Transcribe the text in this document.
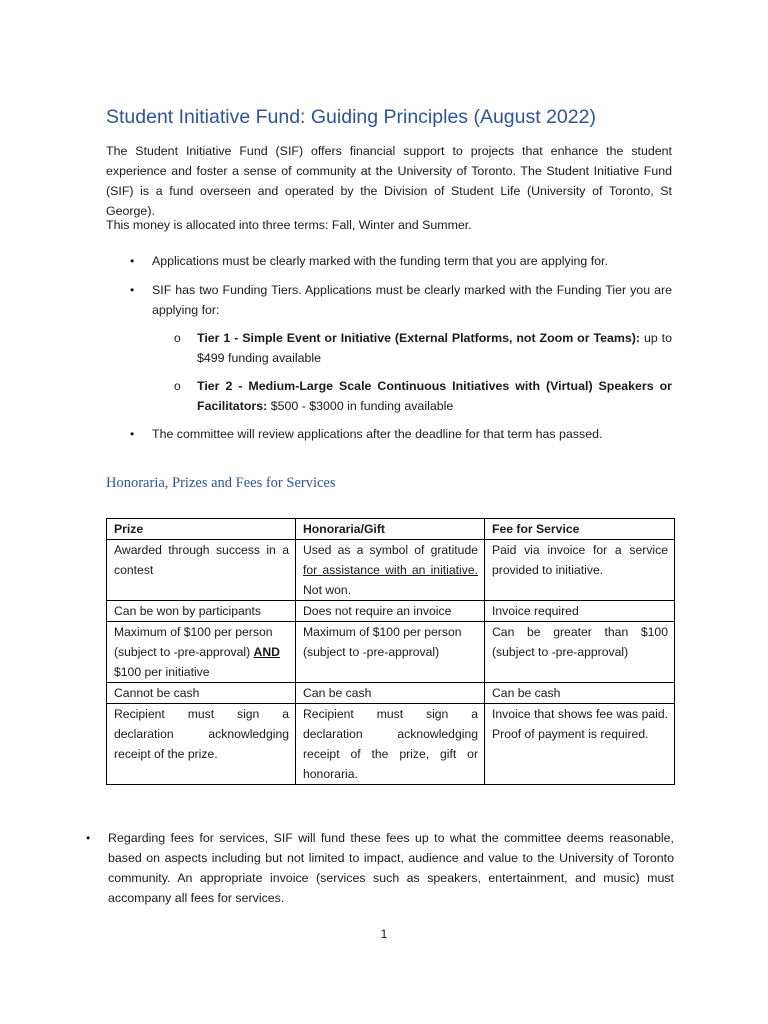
Student Initiative Fund: Guiding Principles (August 2022)

The Student Initiative Fund (SIF) offers financial support to projects that enhance the student experience and foster a sense of community at the University of Toronto. The Student Initiative Fund (SIF) is a fund overseen and operated by the Division of Student Life (University of Toronto, St George).

This money is allocated into three terms: Fall, Winter and Summer.

•	Applications must be clearly marked with the funding term that you are applying for.
•	SIF has two Funding Tiers. Applications must be clearly marked with the Funding Tier you are applying for:
o Tier 1 - Simple Event or Initiative (External Platforms, not Zoom or Teams): up to $499 funding available
o Tier 2 - Medium-Large Scale Continuous Initiatives with (Virtual) Speakers or Facilitators: $500 - $3000 in funding available
•	The committee will review applications after the deadline for that term has passed.
Honoraria, Prizes and Fees for Services
Prize	Honoraria/Gift	Fee for Service
Awarded through success in a contest	Used as a symbol of gratitude for assistance with an initiative. Not won.	Paid via invoice for a service provided to initiative.
Can be won by participants	Does not require an invoice	Invoice required
Maximum of $100 per person (subject to -pre-approval) AND $100 per initiative	Maximum of $100 per person (subject to -pre-approval)	Can be greater than $100 (subject to -pre-approval)
Cannot be cash	Can be cash	Can be cash
Recipient must sign a declaration acknowledging receipt of the prize.	Recipient must sign a declaration acknowledging receipt of the prize, gift or honoraria.	Invoice that shows fee was paid. Proof of payment is required.
• Regarding fees for services, SIF will fund these fees up to what the committee deems reasonable, based on aspects including but not limited to impact, audience and value to the University of Toronto community. An appropriate invoice (services such as speakers, entertainment, and music) must accompany all fees for services.
1
